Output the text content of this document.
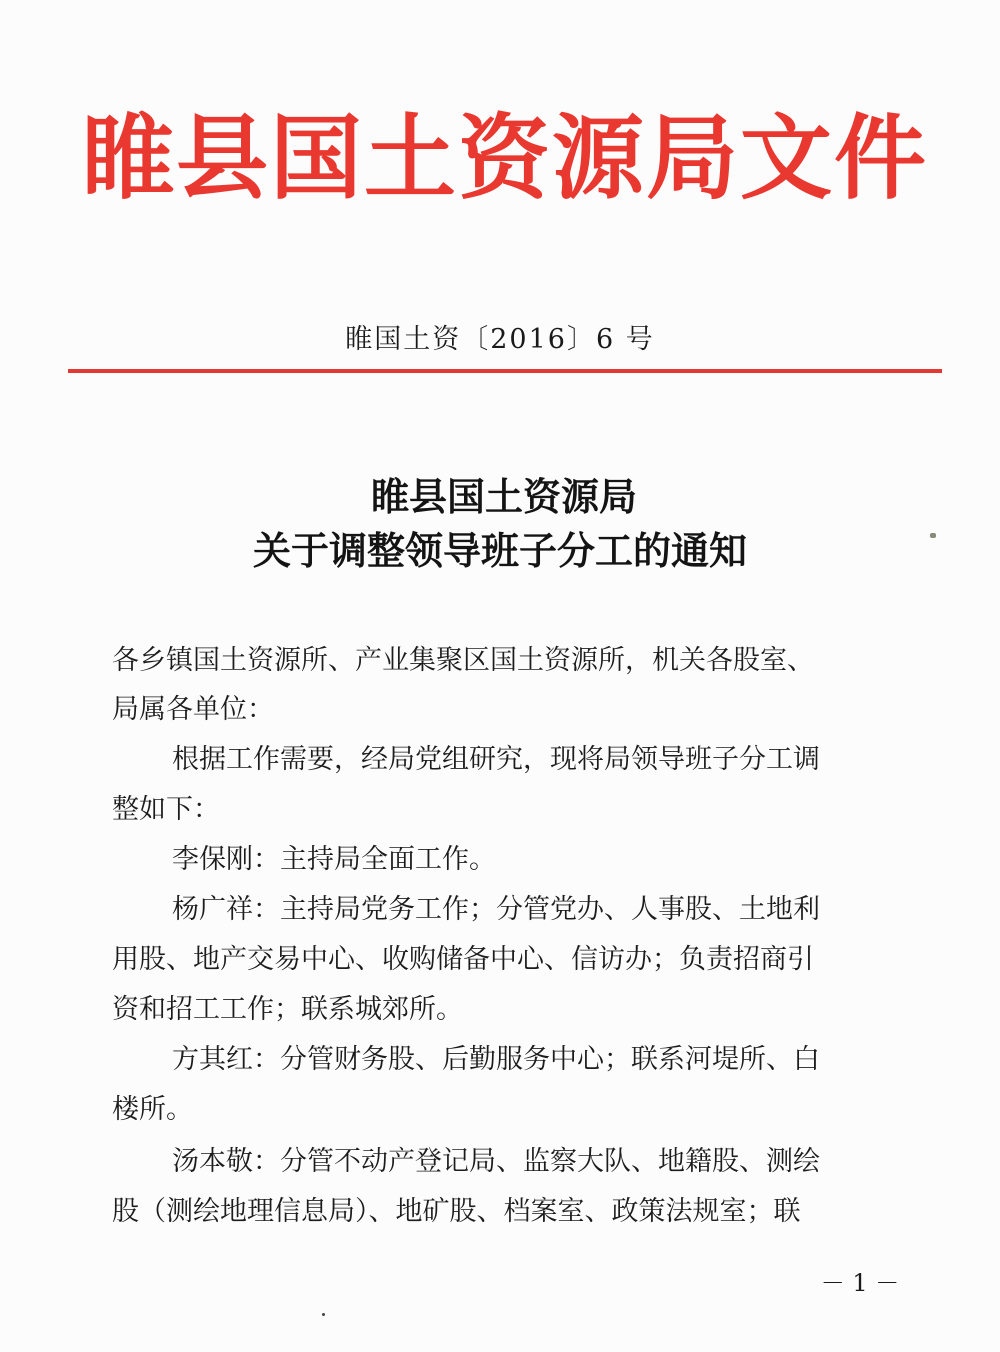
睢县国土资源局文件
睢国土资〔2016〕6 号
睢县国土资源局
关于调整领导班子分工的通知
各乡镇国土资源所、产业集聚区国土资源所，机关各股室、
局属各单位：
根据工作需要，经局党组研究，现将局领导班子分工调
整如下：
李保刚：主持局全面工作。
杨广祥：主持局党务工作；分管党办、人事股、土地利
用股、地产交易中心、收购储备中心、信访办；负责招商引
资和招工工作；联系城郊所。
方其红：分管财务股、后勤服务中心；联系河堤所、白
楼所。
汤本敬：分管不动产登记局、监察大队、地籍股、测绘
股（测绘地理信息局）、地矿股、档案室、政策法规室；联
－ 1 －
